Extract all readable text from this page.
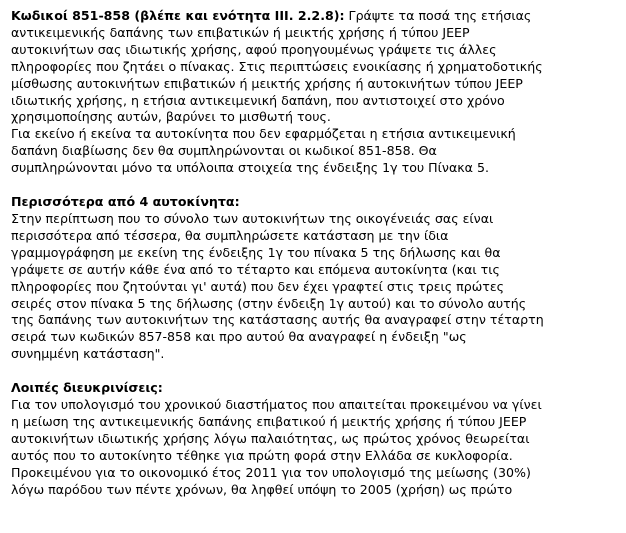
Κωδικοί 851-858 (βλέπε και ενότητα ΙΙΙ. 2.2.8): Γράψτε τα ποσά της ετήσιας
αντικειμενικής δαπάνης των επιβατικών ή μεικτής χρήσης ή τύπου JEEP
αυτοκινήτων σας ιδιωτικής χρήσης, αφού προηγουμένως γράψετε τις άλλες
πληροφορίες που ζητάει ο πίνακας. Στις περιπτώσεις ενοικίασης ή χρηματοδοτικής
μίσθωσης αυτοκινήτων επιβατικών ή μεικτής χρήσης ή αυτοκινήτων τύπου JEEP
ιδιωτικής χρήσης, η ετήσια αντικειμενική δαπάνη, που αντιστοιχεί στο χρόνο
χρησιμοποίησης αυτών, βαρύνει το μισθωτή τους.

Για εκείνο ή εκείνα τα αυτοκίνητα που δεν εφαρμόζεται η ετήσια αντικειμενική
δαπάνη διαβίωσης δεν θα συμπληρώνονται οι κωδικοί 851-858. Θα
συμπληρώνονται μόνο τα υπόλοιπα στοιχεία της ένδειξης 1γ του Πίνακα 5.

Περισσότερα από 4 αυτοκίνητα:

Στην περίπτωση που το σύνολο των αυτοκινήτων της οικογένειάς σας είναι
περισσότερα από τέσσερα, θα συμπληρώσετε κατάσταση με την ίδια
γραμμογράφηση με εκείνη της ένδειξης 1γ του πίνακα 5 της δήλωσης και θα
γράψετε σε αυτήν κάθε ένα από το τέταρτο και επόμενα αυτοκίνητα (και τις
πληροφορίες που ζητούνται γι' αυτά) που δεν έχει γραφτεί στις τρεις πρώτες
σειρές στον πίνακα 5 της δήλωσης (στην ένδειξη 1γ αυτού) και το σύνολο αυτής
της δαπάνης των αυτοκινήτων της κατάστασης αυτής θα αναγραφεί στην τέταρτη
σειρά των κωδικών 857-858 και προ αυτού θα αναγραφεί η ένδειξη "ως
συνημμένη κατάσταση".

Λοιπές διευκρινίσεις:

Για τον υπολογισμό του χρονικού διαστήματος που απαιτείται προκειμένου να γίνει
η μείωση της αντικειμενικής δαπάνης επιβατικού ή μεικτής χρήσης ή τύπου JEEP
αυτοκινήτων ιδιωτικής χρήσης λόγω παλαιότητας, ως πρώτος χρόνος θεωρείται
αυτός που το αυτοκίνητο τέθηκε για πρώτη φορά στην Ελλάδα σε κυκλοφορία.
Προκειμένου για το οικονομικό έτος 2011 για τον υπολογισμό της μείωσης (30%)
λόγω παρόδου των πέντε χρόνων, θα ληφθεί υπόψη το 2005 (χρήση) ως πρώτο
